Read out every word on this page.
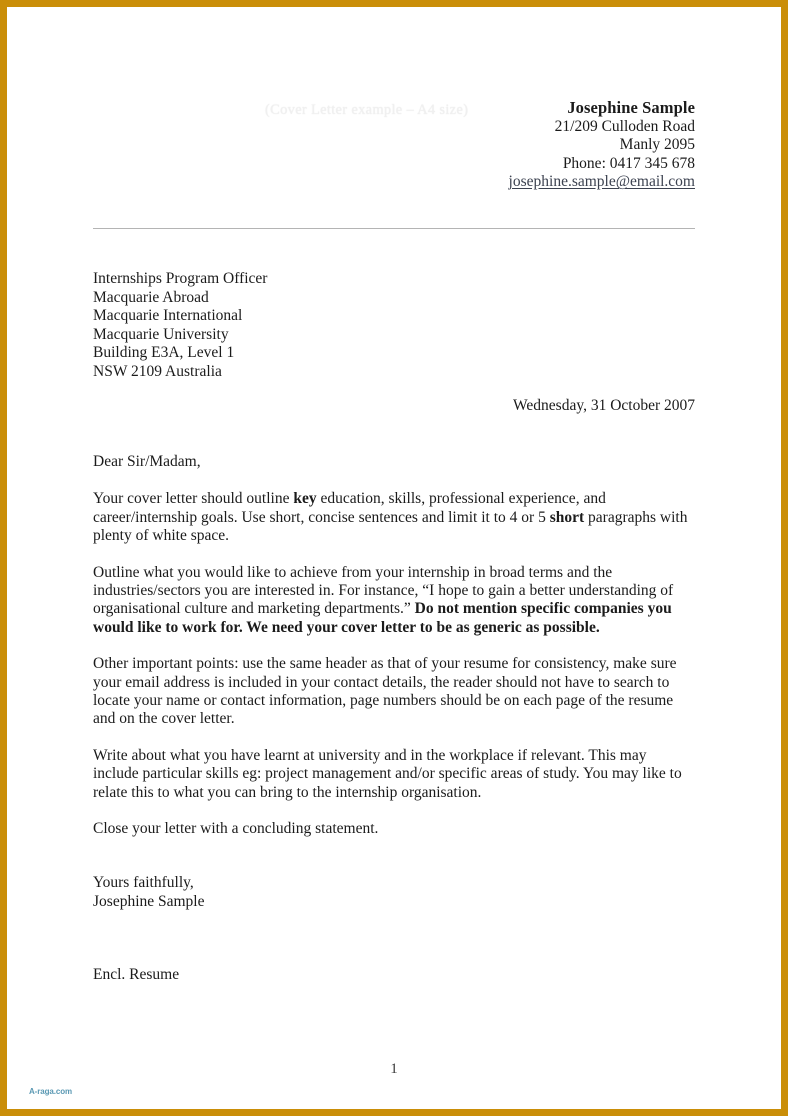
(Cover Letter example – A4 size)	Josephine Sample
21/209 Culloden Road
Manly 2095
Phone: 0417 345 678
josephine.sample@email.com
Internships Program Officer
Macquarie Abroad
Macquarie International
Macquarie University
Building E3A, Level 1
NSW 2109 Australia
Wednesday, 31 October 2007

Dear Sir/Madam,

Your cover letter should outline key education, skills, professional experience, and career/internship goals. Use short, concise sentences and limit it to 4 or 5 short paragraphs with plenty of white space.

Outline what you would like to achieve from your internship in broad terms and the industries/sectors you are interested in. For instance, “I hope to gain a better understanding of organisational culture and marketing departments.” Do not mention specific companies you would like to work for. We need your cover letter to be as generic as possible.

Other important points: use the same header as that of your resume for consistency, make sure your email address is included in your contact details, the reader should not have to search to locate your name or contact information, page numbers should be on each page of the resume and on the cover letter.

Write about what you have learnt at university and in the workplace if relevant. This may include particular skills eg: project management and/or specific areas of study. You may like to relate this to what you can bring to the internship organisation.

Close your letter with a concluding statement.

Yours faithfully,
Josephine Sample
Encl. Resume
1
A-raga.com
